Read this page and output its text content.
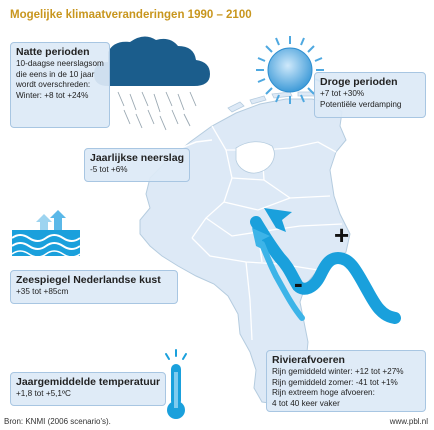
Mogelijke klimaatveranderingen 1990 – 2100
Natte perioden
10-daagse neerslagsom
die eens in de 10 jaar
wordt overschreden:
Winter: +8 tot +24%
Droge perioden
+7 tot +30%
Potentiële verdamping
Jaarlijkse neerslag
-5 tot +6%
Zeespiegel Nederlandse kust
+35 tot +85cm
Rivierafvoeren
Rijn gemiddeld winter: +12 tot +27%
Rijn gemiddeld zomer: -41 tot +1%
Rijn extreem hoge afvoeren:
4 tot 40 keer vaker
Jaargemiddelde temperatuur
+1,8 tot +5,1ºC
+
-
Bron: KNMI (2006 scenario's).	www.pbl.nl
